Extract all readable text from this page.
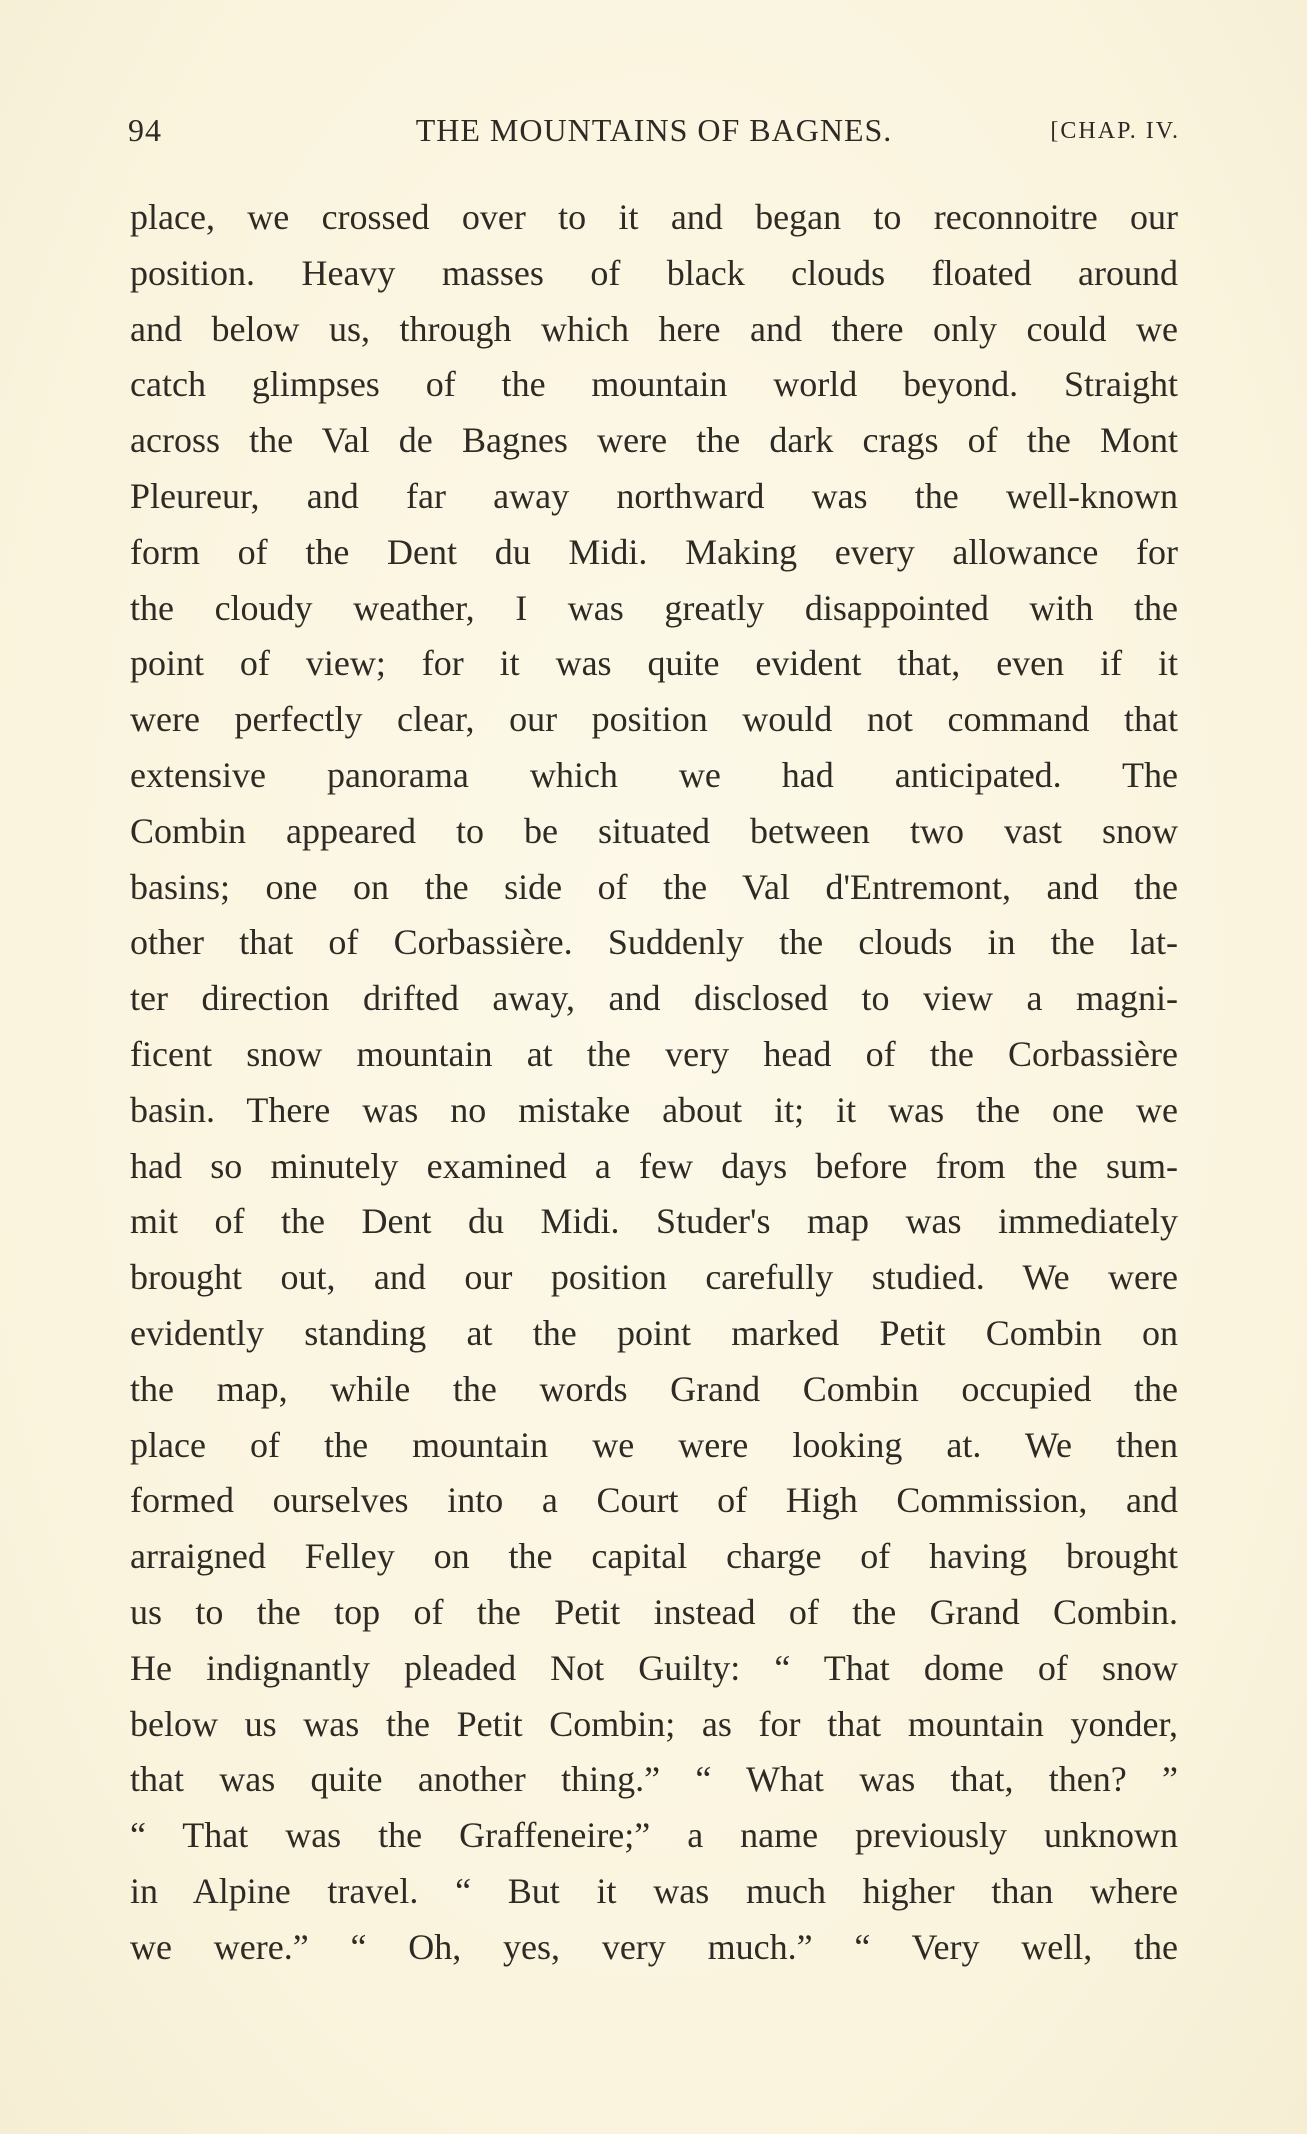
94	THE MOUNTAINS OF BAGNES.	[CHAP. IV.
place, we crossed over to it and began to reconnoitre our
position. Heavy masses of black clouds floated around
and below us, through which here and there only could we
catch glimpses of the mountain world beyond. Straight
across the Val de Bagnes were the dark crags of the Mont
Pleureur, and far away northward was the well-known
form of the Dent du Midi. Making every allowance for
the cloudy weather, I was greatly disappointed with the
point of view; for it was quite evident that, even if it
were perfectly clear, our position would not command that
extensive panorama which we had anticipated. The
Combin appeared to be situated between two vast snow
basins; one on the side of the Val d'Entremont, and the
other that of Corbassière. Suddenly the clouds in the lat-
ter direction drifted away, and disclosed to view a magni-
ficent snow mountain at the very head of the Corbassière
basin. There was no mistake about it; it was the one we
had so minutely examined a few days before from the sum-
mit of the Dent du Midi. Studer's map was immediately
brought out, and our position carefully studied. We were
evidently standing at the point marked Petit Combin on
the map, while the words Grand Combin occupied the
place of the mountain we were looking at. We then
formed ourselves into a Court of High Commission, and
arraigned Felley on the capital charge of having brought
us to the top of the Petit instead of the Grand Combin.
He indignantly pleaded Not Guilty: “ That dome of snow
below us was the Petit Combin; as for that mountain yonder,
that was quite another thing.” “ What was that, then? ”
“ That was the Graffeneire;” a name previously unknown
in Alpine travel. “ But it was much higher than where
we were.” “ Oh, yes, very much.” “ Very well, the
